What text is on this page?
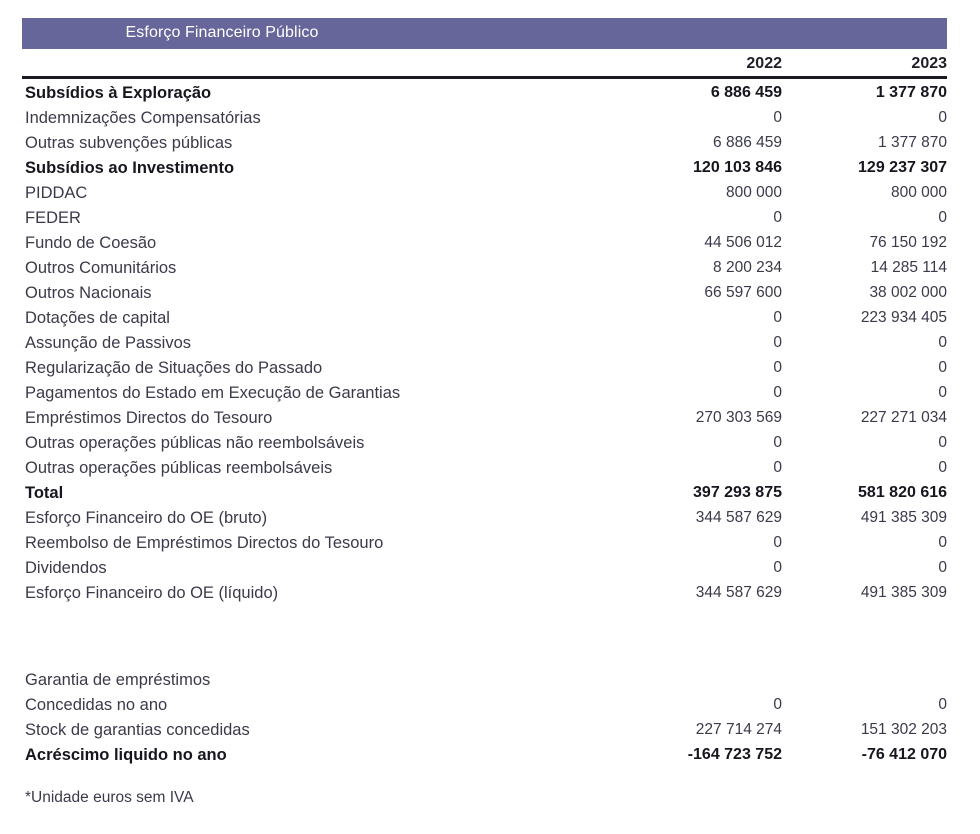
Esforço Financeiro Público		

	2022	2023

Subsídios à Exploração	6 886 459	1 377 870
Indemnizações Compensatórias	0	0
Outras subvenções públicas	6 886 459	1 377 870
Subsídios ao Investimento	120 103 846	129 237 307
PIDDAC	800 000	800 000
FEDER	0	0
Fundo de Coesão	44 506 012	76 150 192
Outros Comunitários	8 200 234	14 285 114
Outros Nacionais	66 597 600	38 002 000
Dotações de capital	0	223 934 405
Assunção de Passivos	0	0
Regularização de Situações do Passado	0	0
Pagamentos do Estado em Execução de Garantias	0	0
Empréstimos Directos do Tesouro	270 303 569	227 271 034
Outras operações públicas não reembolsáveis	0	0
Outras operações públicas reembolsáveis	0	0
Total	397 293 875	581 820 616
Esforço Financeiro do OE (bruto)	344 587 629	491 385 309
Reembolso de Empréstimos Directos do Tesouro	0	0
Dividendos	0	0
Esforço Financeiro do OE (líquido)	344 587 629	491 385 309

Garantia de empréstimos		
Concedidas no ano	0	0
Stock de garantias concedidas	227 714 274	151 302 203
Acréscimo liquido no ano	-164 723 752	-76 412 070
*Unidade euros sem IVA
